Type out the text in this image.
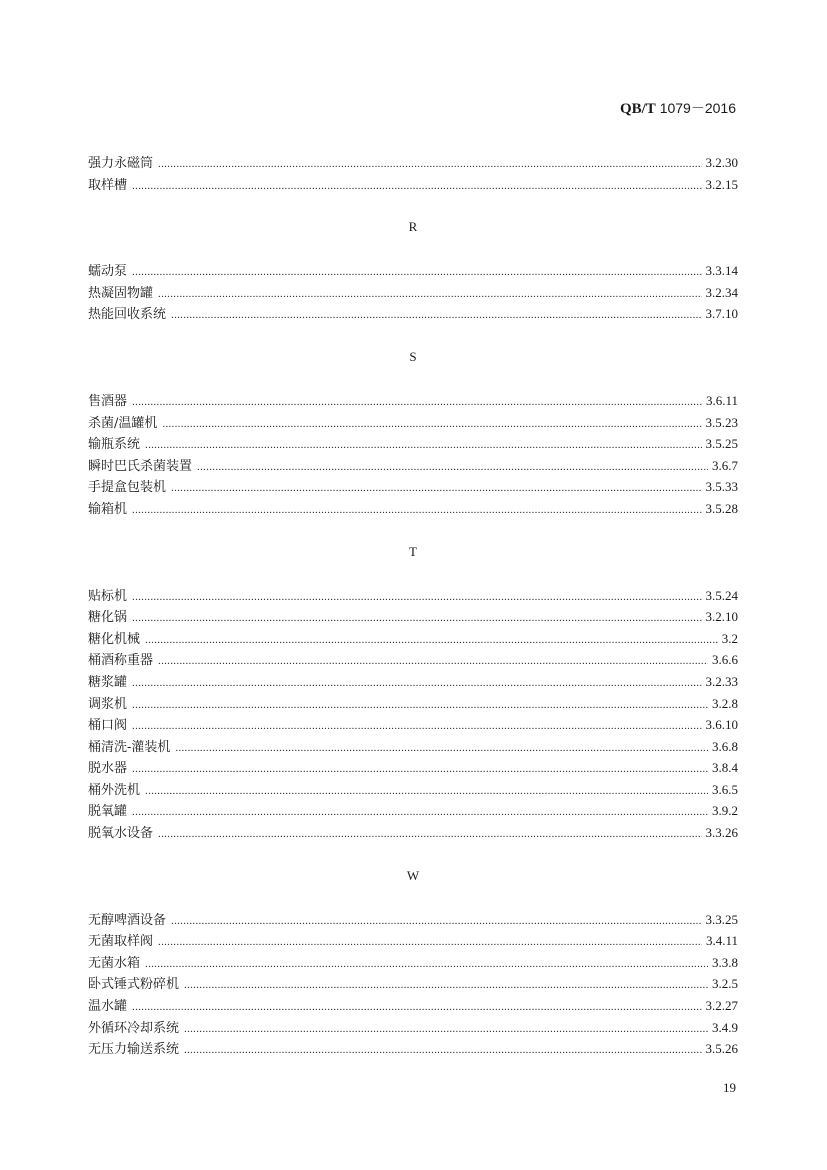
QB/T 1079－2016
强力永磁筒 .....	3.2.30
取样槽 .....	3.2.15
R
蠕动泵 .....	3.3.14
热凝固物罐 .....	3.2.34
热能回收系统 .....	3.7.10
S
售酒器 .....	3.6.11
杀菌/温罐机 .....	3.5.23
输瓶系统 .....	3.5.25
瞬时巴氏杀菌装置 .....	3.6.7
手提盒包装机 .....	3.5.33
输箱机 .....	3.5.28
T
贴标机 .....	3.5.24
糖化锅 .....	3.2.10
糖化机械 .....	3.2
桶酒称重器 .....	3.6.6
糖浆罐 .....	3.2.33
调浆机 .....	3.2.8
桶口阀 .....	3.6.10
桶清洗-灌装机 .....	3.6.8
脱水器 .....	3.8.4
桶外洗机 .....	3.6.5
脱氧罐 .....	3.9.2
脱氧水设备 .....	3.3.26
W
无醇啤酒设备 .....	3.3.25
无菌取样阀 .....	3.4.11
无菌水箱 .....	3.3.8
卧式锤式粉碎机 .....	3.2.5
温水罐 .....	3.2.27
外循环冷却系统 .....	3.4.9
无压力输送系统 .....	3.5.26
19
